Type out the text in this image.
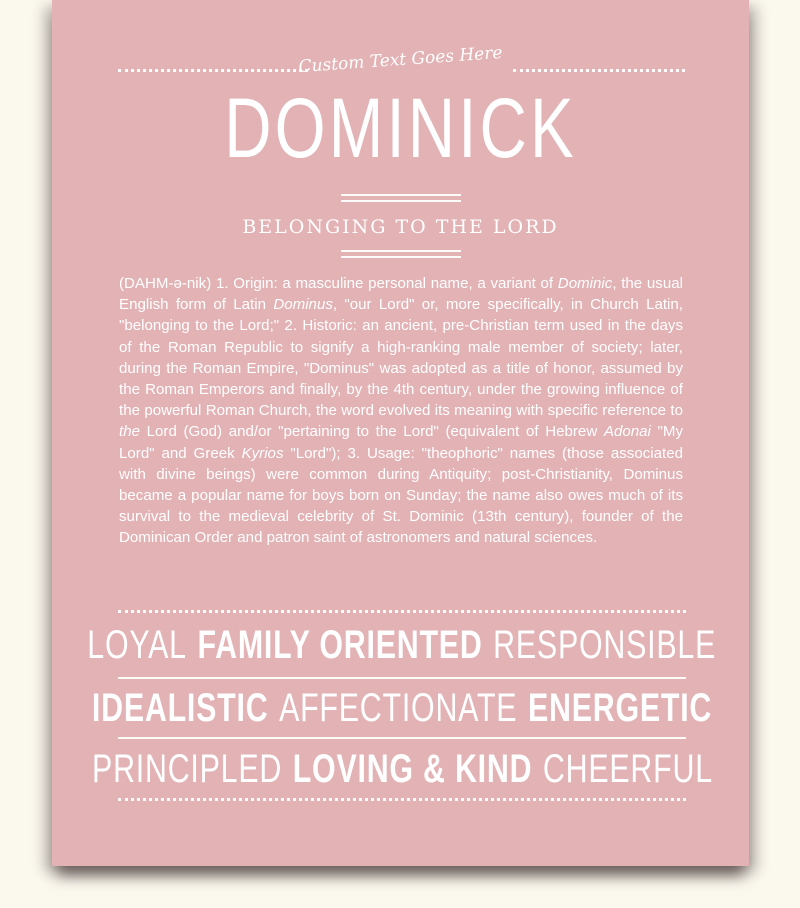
Custom Text Goes Here
DOMINICK
BELONGING TO THE LORD
(DAHM-ə-nik) 1. Origin: a masculine personal name, a variant of Dominic, the usual English form of Latin Dominus, "our Lord" or, more specifically, in Church Latin, "belonging to the Lord;" 2. Historic: an ancient, pre-Christian term used in the days of the Roman Republic to signify a high-ranking male member of society; later, during the Roman Empire, "Dominus" was adopted as a title of honor, assumed by the Roman Emperors and finally, by the 4th century, under the growing influence of the powerful Roman Church, the word evolved its meaning with specific reference to the Lord (God) and/or "pertaining to the Lord" (equivalent of Hebrew Adonai "My Lord" and Greek Kyrios "Lord"); 3. Usage: "theophoric" names (those associated with divine beings) were common during Antiquity; post-Christianity, Dominus became a popular name for boys born on Sunday; the name also owes much of its survival to the medieval celebrity of St. Dominic (13th century), founder of the Dominican Order and patron saint of astronomers and natural sciences.
LOYAL FAMILY ORIENTED RESPONSIBLE
IDEALISTIC AFFECTIONATE ENERGETIC
PRINCIPLED LOVING & KIND CHEERFUL
